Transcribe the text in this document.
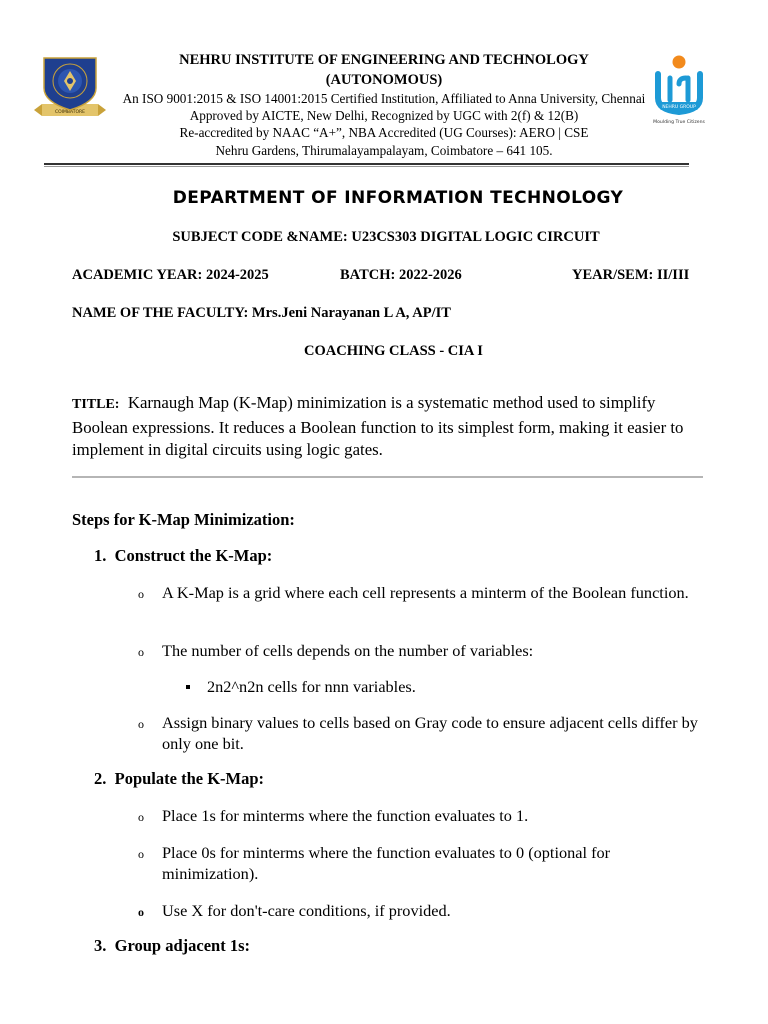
COIMBATORE
NEHRU INSTITUTE OF ENGINEERING AND TECHNOLOGY
(AUTONOMOUS)
An ISO 9001:2015 & ISO 14001:2015 Certified Institution, Affiliated to Anna University, Chennai
Approved by AICTE, New Delhi, Recognized by UGC with 2(f) & 12(B)
Re-accredited by NAAC “A+”, NBA Accredited (UG Courses): AERO | CSE
Nehru Gardens, Thirumalayampalayam, Coimbatore – 641 105.
NEHRU GROUP
Moulding True Citizens
DEPARTMENT OF INFORMATION TECHNOLOGY
SUBJECT CODE &NAME: U23CS303 DIGITAL LOGIC CIRCUIT
ACADEMIC YEAR: 2024-2025	BATCH: 2022-2026	YEAR/SEM: II/III
NAME OF THE FACULTY: Mrs.Jeni Narayanan L A, AP/IT
COACHING CLASS - CIA I
TITLE: Karnaugh Map (K-Map) minimization is a systematic method used to simplify Boolean expressions. It reduces a Boolean function to its simplest form, making it easier to implement in digital circuits using logic gates.
Steps for K-Map Minimization:
1. Construct the K-Map:
o A K-Map is a grid where each cell represents a minterm of the Boolean function.
o The number of cells depends on the number of variables:
2n2^n2n cells for nnn variables.
o Assign binary values to cells based on Gray code to ensure adjacent cells differ by only one bit.
2. Populate the K-Map:
o Place 1s for minterms where the function evaluates to 1.
o Place 0s for minterms where the function evaluates to 0 (optional for minimization).
o Use X for don't-care conditions, if provided.
3. Group adjacent 1s:
